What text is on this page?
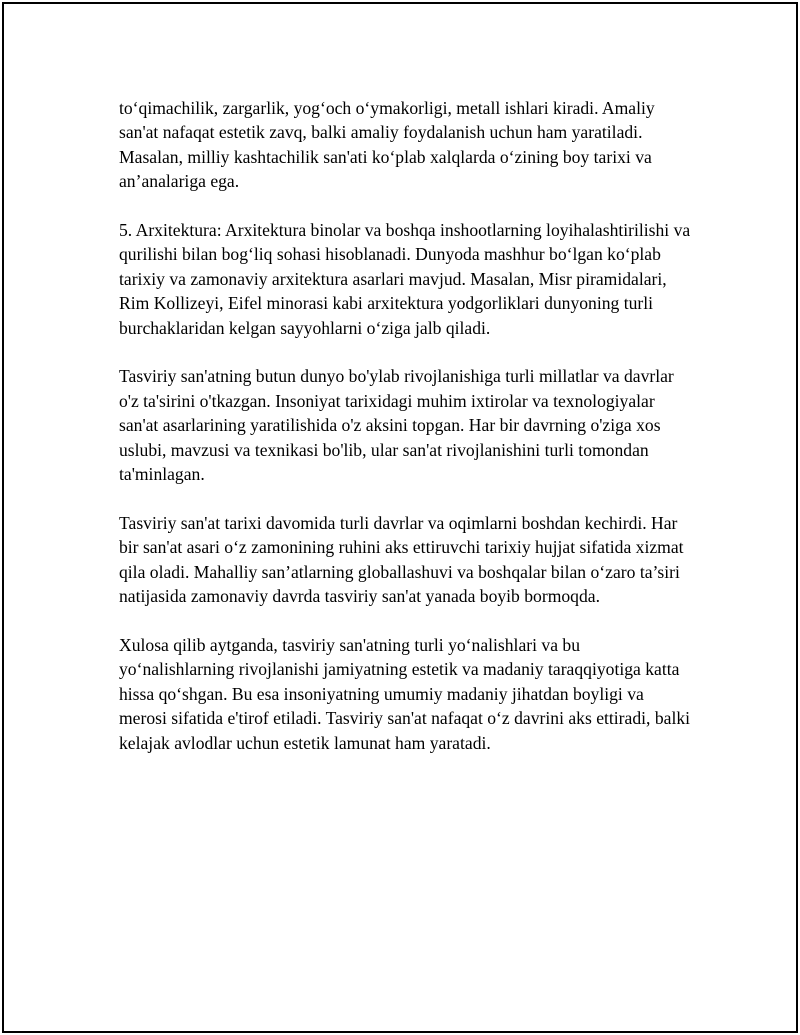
to‘qimachilik, zargarlik, yog‘och o‘ymakorligi, metall ishlari kiradi. Amaliy san'at nafaqat estetik zavq, balki amaliy foydalanish uchun ham yaratiladi. Masalan, milliy kashtachilik san'ati ko‘plab xalqlarda o‘zining boy tarixi va an’analariga ega.

5. Arxitektura: Arxitektura binolar va boshqa inshootlarning loyihalashtirilishi va qurilishi bilan bog‘liq sohasi hisoblanadi. Dunyoda mashhur bo‘lgan ko‘plab tarixiy va zamonaviy arxitektura asarlari mavjud. Masalan, Misr piramidalari, Rim Kollizeyi, Eifel minorasi kabi arxitektura yodgorliklari dunyoning turli burchaklaridan kelgan sayyohlarni o‘ziga jalb qiladi.

Tasviriy san'atning butun dunyo bo'ylab rivojlanishiga turli millatlar va davrlar o'z ta'sirini o'tkazgan. Insoniyat tarixidagi muhim ixtirolar va texnologiyalar san'at asarlarining yaratilishida o'z aksini topgan. Har bir davrning o'ziga xos uslubi, mavzusi va texnikasi bo'lib, ular san'at rivojlanishini turli tomondan ta'minlagan.

Tasviriy san'at tarixi davomida turli davrlar va oqimlarni boshdan kechirdi. Har bir san'at asari o‘z zamonining ruhini aks ettiruvchi tarixiy hujjat sifatida xizmat qila oladi. Mahalliy san’atlarning globallashuvi va boshqalar bilan o‘zaro ta’siri natijasida zamonaviy davrda tasviriy san'at yanada boyib bormoqda.

Xulosa qilib aytganda, tasviriy san'atning turli yo‘nalishlari va bu yo‘nalishlarning rivojlanishi jamiyatning estetik va madaniy taraqqiyotiga katta hissa qo‘shgan. Bu esa insoniyatning umumiy madaniy jihatdan boyligi va merosi sifatida e'tirof etiladi. Tasviriy san'at nafaqat o‘z davrini aks ettiradi, balki kelajak avlodlar uchun estetik lamunat ham yaratadi.
